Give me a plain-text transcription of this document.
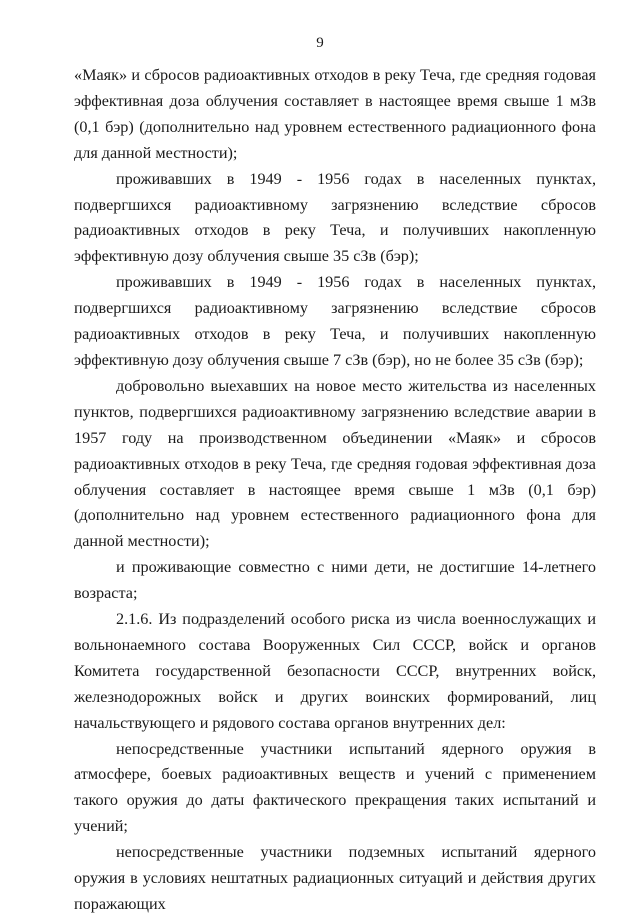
9

«Маяк» и сбросов радиоактивных отходов в реку Теча, где средняя годовая эффективная доза облучения составляет в настоящее время свыше 1 мЗв (0,1 бэр) (дополнительно над уровнем естественного радиационного фона для данной местности);

проживавших в 1949 - 1956 годах в населенных пунктах, подвергшихся радиоактивному загрязнению вследствие сбросов радиоактивных отходов в реку Теча, и получивших накопленную эффективную дозу облучения свыше 35 сЗв (бэр);

проживавших в 1949 - 1956 годах в населенных пунктах, подвергшихся радиоактивному загрязнению вследствие сбросов радиоактивных отходов в реку Теча, и получивших накопленную эффективную дозу облучения свыше 7 сЗв (бэр), но не более 35 сЗв (бэр);

добровольно выехавших на новое место жительства из населенных пунктов, подвергшихся радиоактивному загрязнению вследствие аварии в 1957 году на производственном объединении «Маяк» и сбросов радиоактивных отходов в реку Теча, где средняя годовая эффективная доза облучения составляет в настоящее время свыше 1 мЗв (0,1 бэр) (дополнительно над уровнем естественного радиационного фона для данной местности);

и проживающие совместно с ними дети, не достигшие 14-летнего возраста;

2.1.6. Из подразделений особого риска из числа военнослужащих и вольнонаемного состава Вооруженных Сил СССР, войск и органов Комитета государственной безопасности СССР, внутренних войск, железнодорожных войск и других воинских формирований, лиц начальствующего и рядового состава органов внутренних дел:

непосредственные участники испытаний ядерного оружия в атмосфере, боевых радиоактивных веществ и учений с применением такого оружия до даты фактического прекращения таких испытаний и учений;

непосредственные участники подземных испытаний ядерного оружия в условиях нештатных радиационных ситуаций и действия других поражающих
